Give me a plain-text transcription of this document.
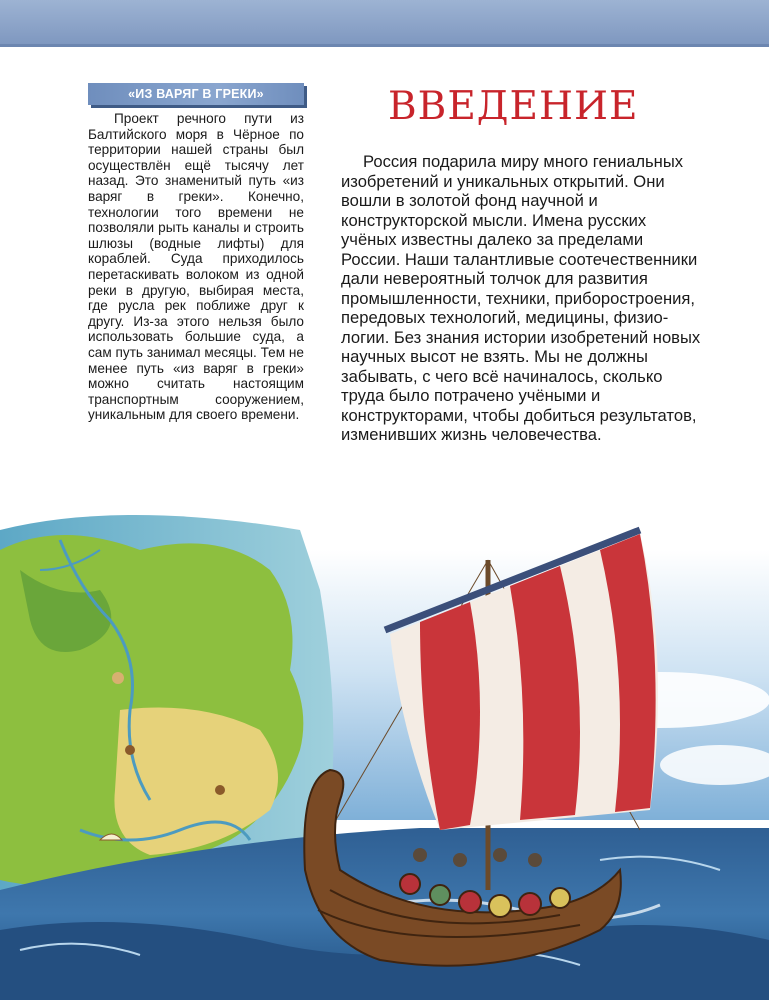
«ИЗ ВАРЯГ В ГРЕКИ»

Проект речного пути из Балтийского моря в Чёрное по территории нашей страны был осуществлён ещё тысячу лет назад. Это знаменитый путь «из варяг в греки». Конечно, технологии того времени не позволяли рыть каналы и строить шлюзы (водные лифты) для кораблей. Суда приходилось перетаскивать волоком из одной реки в другую, выбирая места, где русла рек поближе друг к другу. Из-за этого нельзя было использовать большие суда, а сам путь занимал месяцы. Тем не менее путь «из варяг в греки» можно считать настоящим транспортным сооружением, уникальным для своего времени.

ВВЕДЕНИЕ

Россия подарила миру много гениальных изобретений и уникальных открытий. Они вошли в золотой фонд научной и конструкторской мысли. Имена русских учёных известны далеко за пределами России. Наши талантливые соотечественники дали невероятный толчок для развития промышленности, техники, приборостроения, передовых технологий, медицины, физиологии. Без знания истории изобретений новых научных высот не взять. Мы не должны забывать, с чего всё начиналось, сколько труда было потрачено учёными и конструкторами, чтобы добиться результатов, изменивших жизнь человечества.
